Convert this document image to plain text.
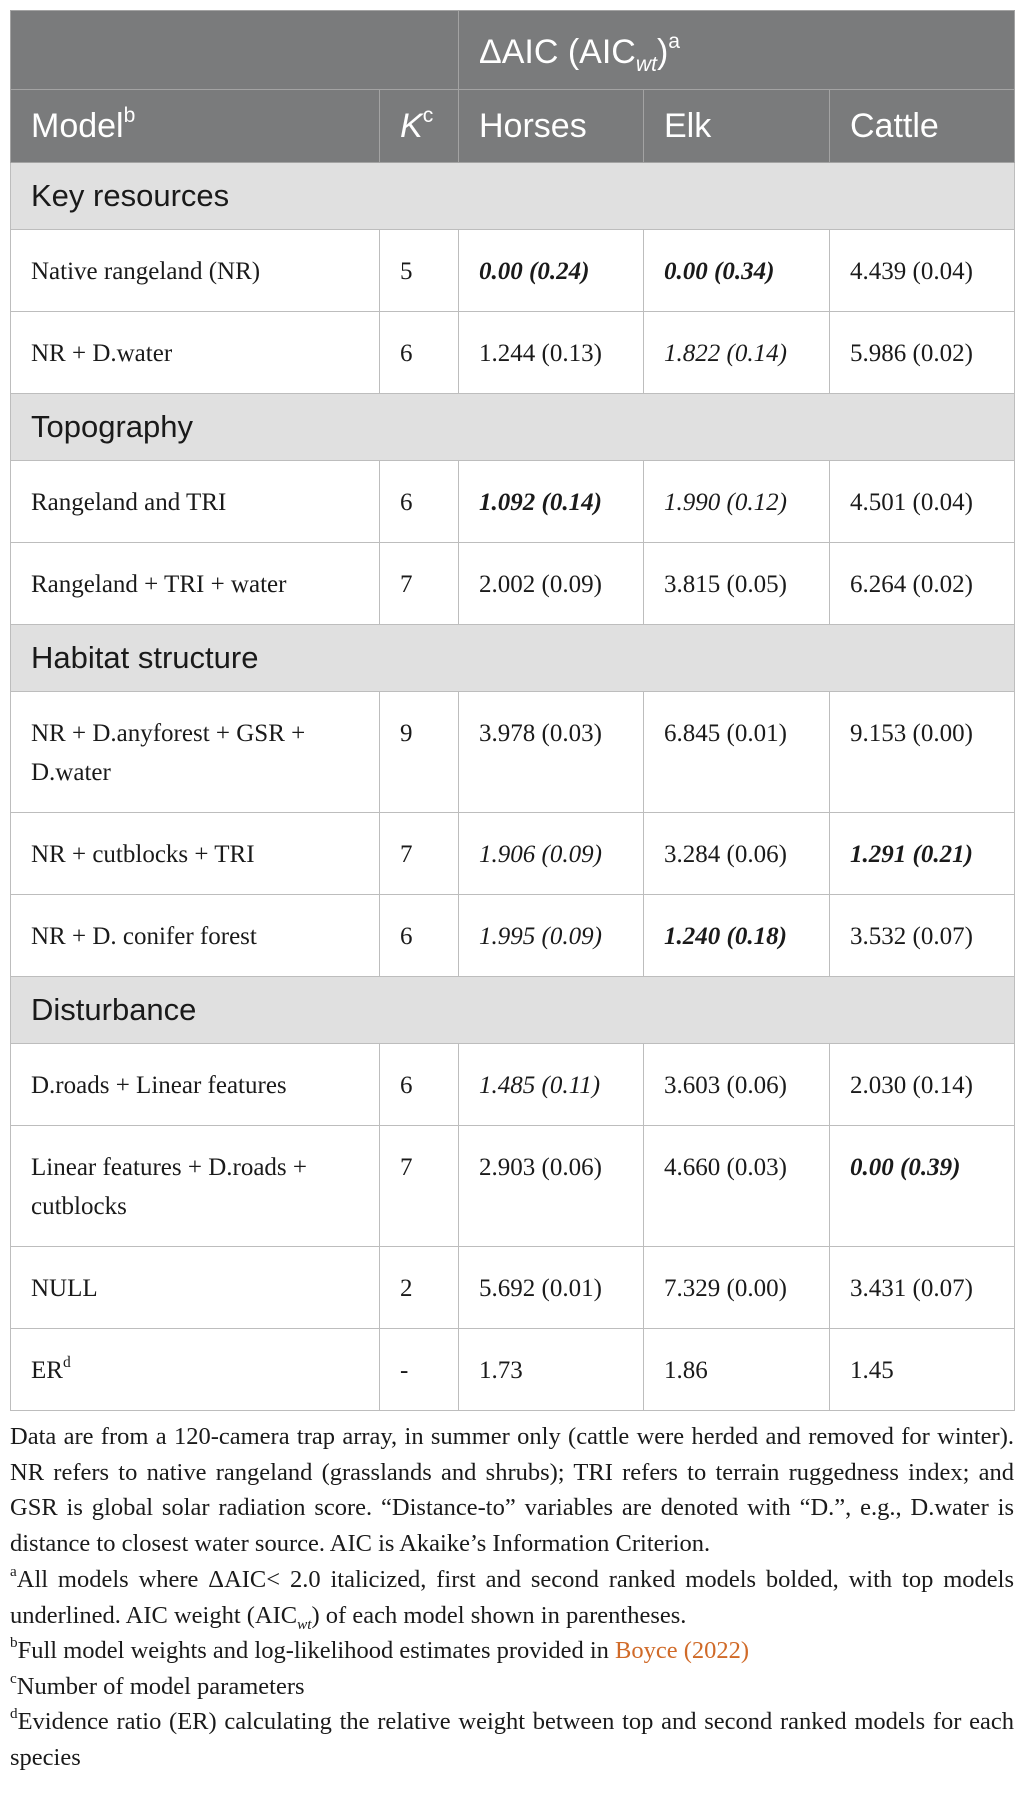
		ΔAIC $(AIC_{wt})^a$
Model$^b$	$K^c$	Horses	Elk	Cattle
Key resources				
Native rangeland (NR)	5	0.00 (0.24)	0.00 (0.34)	4.439 (0.04)
NR + D.water	6	1.244 (0.13)	1.822 (0.14)	5.986 (0.02)
Topography				
Rangeland and TRI	6	1.092 (0.14)	1.990 (0.12)	4.501 (0.04)
Rangeland + TRI + water	7	2.002 (0.09)	3.815 (0.05)	6.264 (0.02)
Habitat structure				
NR + D.anyforest + GSR + D.water	9	3.978 (0.03)	6.845 (0.01)	9.153 (0.00)
NR + cutblocks + TRI	7	1.906 (0.09)	3.284 (0.06)	1.291 (0.21)
NR + D. conifer forest	6	1.995 (0.09)	1.240 (0.18)	3.532 (0.07)
Disturbance				
D.roads + Linear features	6	1.485 (0.11)	3.603 (0.06)	2.030 (0.14)
Linear features + D.roads + cutblocks	7	2.903 (0.06)	4.660 (0.03)	0.00 (0.39)
NULL	2	5.692 (0.01)	7.329 (0.00)	3.431 (0.07)
$ER^d$	-	1.73	1.86	1.45

Data are from a 120-camera trap array, in summer only (cattle were herded and removed for winter). NR refers to native rangeland (grasslands and shrubs); TRI refers to terrain ruggedness index; and GSR is global solar radiation score. “Distance-to” variables are denoted with “D.”, e.g., D.water is distance to closest water source. AIC is Akaike’s Information Criterion.

$^a$All models where ΔAIC< 2.0 italicized, first and second ranked models bolded, with top models underlined. AIC weight $(AIC_{wt})$ of each model shown in parentheses.

$^b$Full model weights and log-likelihood estimates provided in Boyce (2022)

$^c$Number of model parameters

$^d$Evidence ratio (ER) calculating the relative weight between top and second ranked models for each species
